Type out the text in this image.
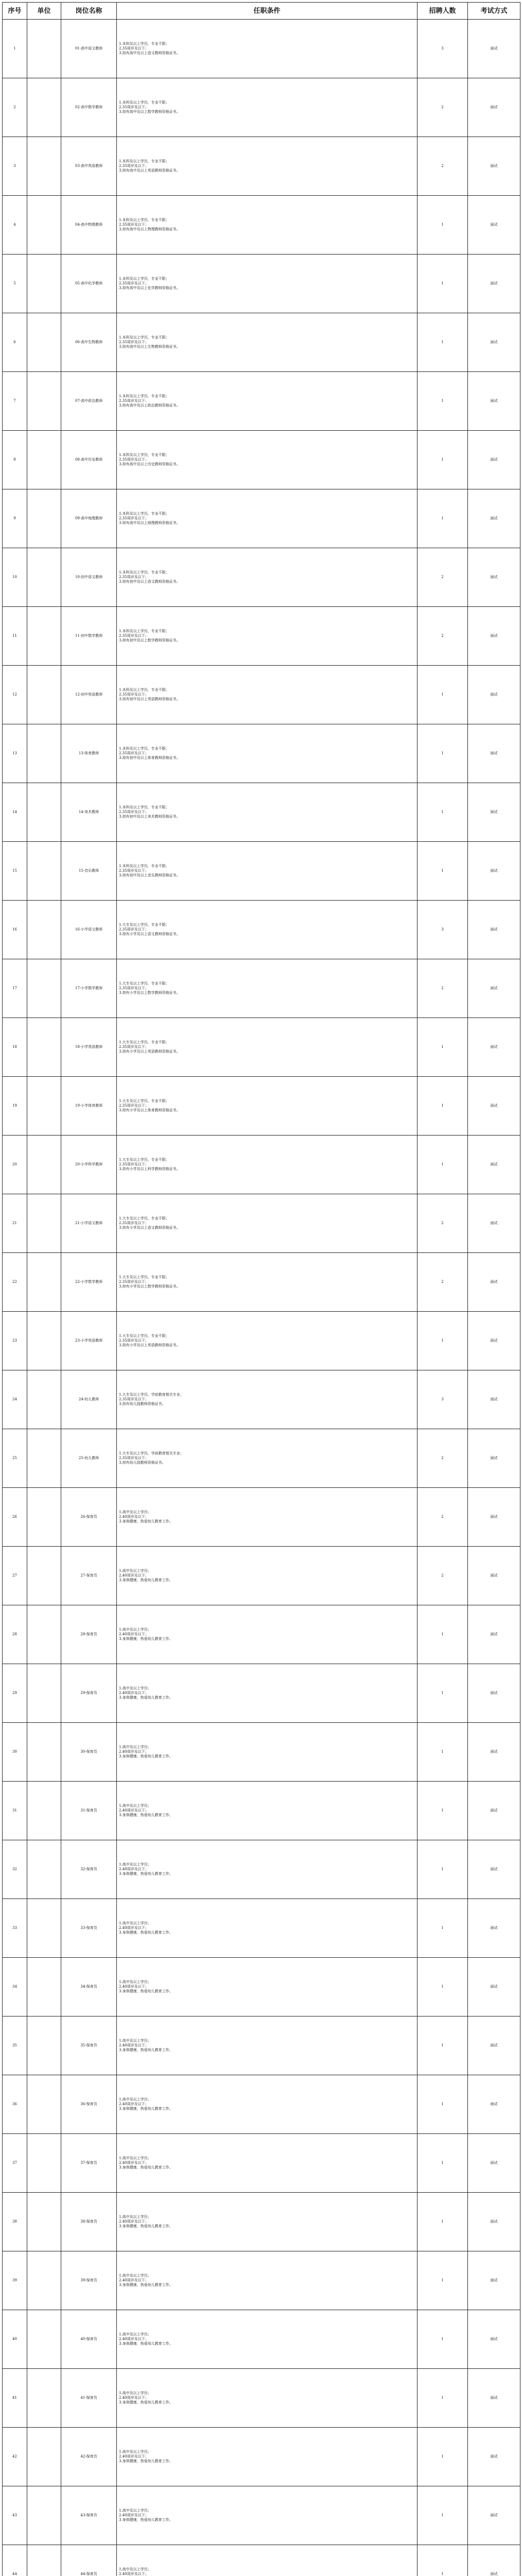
序号	单位	岗位名称	任职条件	招聘人数	考试方式
1		01-高中语文教师	1.本科及以上学历，专业不限；
2.35周岁及以下；
3.持有高中及以上语文教师资格证书。	3	面试
2		02-高中数学教师	1.本科及以上学历，专业不限；
2.35周岁及以下；
3.持有高中及以上数学教师资格证书。	2	面试
3		03-高中英语教师	1.本科及以上学历，专业不限；
2.35周岁及以下；
3.持有高中及以上英语教师资格证书。	2	面试
4		04-高中物理教师	1.本科及以上学历，专业不限；
2.35周岁及以下；
3.持有高中及以上物理教师资格证书。	1	面试
5		05-高中化学教师	1.本科及以上学历，专业不限；
2.35周岁及以下；
3.持有高中及以上化学教师资格证书。	1	面试
6		06-高中生物教师	1.本科及以上学历，专业不限；
2.35周岁及以下；
3.持有高中及以上生物教师资格证书。	1	面试
7		07-高中政治教师	1.本科及以上学历，专业不限；
2.35周岁及以下；
3.持有高中及以上政治教师资格证书。	1	面试
8		08-高中历史教师	1.本科及以上学历，专业不限；
2.35周岁及以下；
3.持有高中及以上历史教师资格证书。	1	面试
9		09-高中地理教师	1.本科及以上学历，专业不限；
2.35周岁及以下；
3.持有高中及以上地理教师资格证书。	1	面试
10		10-初中语文教师	1.本科及以上学历，专业不限；
2.35周岁及以下；
3.持有初中及以上语文教师资格证书。	2	面试
11		11-初中数学教师	1.本科及以上学历，专业不限；
2.35周岁及以下；
3.持有初中及以上数学教师资格证书。	2	面试
12		12-初中英语教师	1.本科及以上学历，专业不限；
2.35周岁及以下；
3.持有初中及以上英语教师资格证书。	1	面试
13		13-体育教师	1.本科及以上学历，专业不限；
2.35周岁及以下；
3.持有初中及以上体育教师资格证书。	1	面试
14		14-美术教师	1.本科及以上学历，专业不限；
2.35周岁及以下；
3.持有初中及以上美术教师资格证书。	1	面试
15		15-音乐教师	1.本科及以上学历，专业不限；
2.35周岁及以下；
3.持有初中及以上音乐教师资格证书。	1	面试
16		16-小学语文教师	1.大专及以上学历，专业不限；
2.35周岁及以下；
3.持有小学及以上语文教师资格证书。	3	面试
17		17-小学数学教师	1.大专及以上学历，专业不限；
2.35周岁及以下；
3.持有小学及以上数学教师资格证书。	2	面试
18		18-小学英语教师	1.大专及以上学历，专业不限；
2.35周岁及以下；
3.持有小学及以上英语教师资格证书。	1	面试
19		19-小学体育教师	1.大专及以上学历，专业不限；
2.35周岁及以下；
3.持有小学及以上体育教师资格证书。	1	面试
20		20-小学科学教师	1.大专及以上学历，专业不限；
2.35周岁及以下；
3.持有小学及以上科学教师资格证书。	1	面试
21		21-小学语文教师	1.大专及以上学历，专业不限；
2.35周岁及以下；
3.持有小学及以上语文教师资格证书。	2	面试
22		22-小学数学教师	1.大专及以上学历，专业不限；
2.35周岁及以下；
3.持有小学及以上数学教师资格证书。	2	面试
23		23-小学英语教师	1.大专及以上学历，专业不限；
2.35周岁及以下；
3.持有小学及以上英语教师资格证书。	1	面试
24		24-幼儿教师	1.大专及以上学历，学前教育相关专业；
2.35周岁及以下；
3.持有幼儿园教师资格证书。	3	面试
25		25-幼儿教师	1.大专及以上学历，学前教育相关专业；
2.35周岁及以下；
3.持有幼儿园教师资格证书。	2	面试
26		26-保育员	1.高中及以上学历；
2.40周岁及以下；
3.身体健康，热爱幼儿教育工作。	2	面试
27		27-保育员	1.高中及以上学历；
2.40周岁及以下；
3.身体健康，热爱幼儿教育工作。	2	面试
28		28-保育员	1.高中及以上学历；
2.40周岁及以下；
3.身体健康，热爱幼儿教育工作。	1	面试
29		29-保育员	1.高中及以上学历；
2.40周岁及以下；
3.身体健康，热爱幼儿教育工作。	1	面试
30		30-保育员	1.高中及以上学历；
2.40周岁及以下；
3.身体健康，热爱幼儿教育工作。	1	面试
31		31-保育员	1.高中及以上学历；
2.40周岁及以下；
3.身体健康，热爱幼儿教育工作。	1	面试
32		32-保育员	1.高中及以上学历；
2.40周岁及以下；
3.身体健康，热爱幼儿教育工作。	1	面试
33		33-保育员	1.高中及以上学历；
2.40周岁及以下；
3.身体健康，热爱幼儿教育工作。	1	面试
34		34-保育员	1.高中及以上学历；
2.40周岁及以下；
3.身体健康，热爱幼儿教育工作。	1	面试
35		35-保育员	1.高中及以上学历；
2.40周岁及以下；
3.身体健康，热爱幼儿教育工作。	1	面试
36		36-保育员	1.高中及以上学历；
2.40周岁及以下；
3.身体健康，热爱幼儿教育工作。	1	面试
37		37-保育员	1.高中及以上学历；
2.40周岁及以下；
3.身体健康，热爱幼儿教育工作。	1	面试
38		38-保育员	1.高中及以上学历；
2.40周岁及以下；
3.身体健康，热爱幼儿教育工作。	1	面试
39		39-保育员	1.高中及以上学历；
2.40周岁及以下；
3.身体健康，热爱幼儿教育工作。	1	面试
40		40-保育员	1.高中及以上学历；
2.40周岁及以下；
3.身体健康，热爱幼儿教育工作。	1	面试
41		41-保育员	1.高中及以上学历；
2.40周岁及以下；
3.身体健康，热爱幼儿教育工作。	1	面试
42		42-保育员	1.高中及以上学历；
2.40周岁及以下；
3.身体健康，热爱幼儿教育工作。	1	面试
43		43-保育员	1.高中及以上学历；
2.40周岁及以下；
3.身体健康，热爱幼儿教育工作。	1	面试
44		44-保育员	1.高中及以上学历；
2.40周岁及以下；	1	面试
